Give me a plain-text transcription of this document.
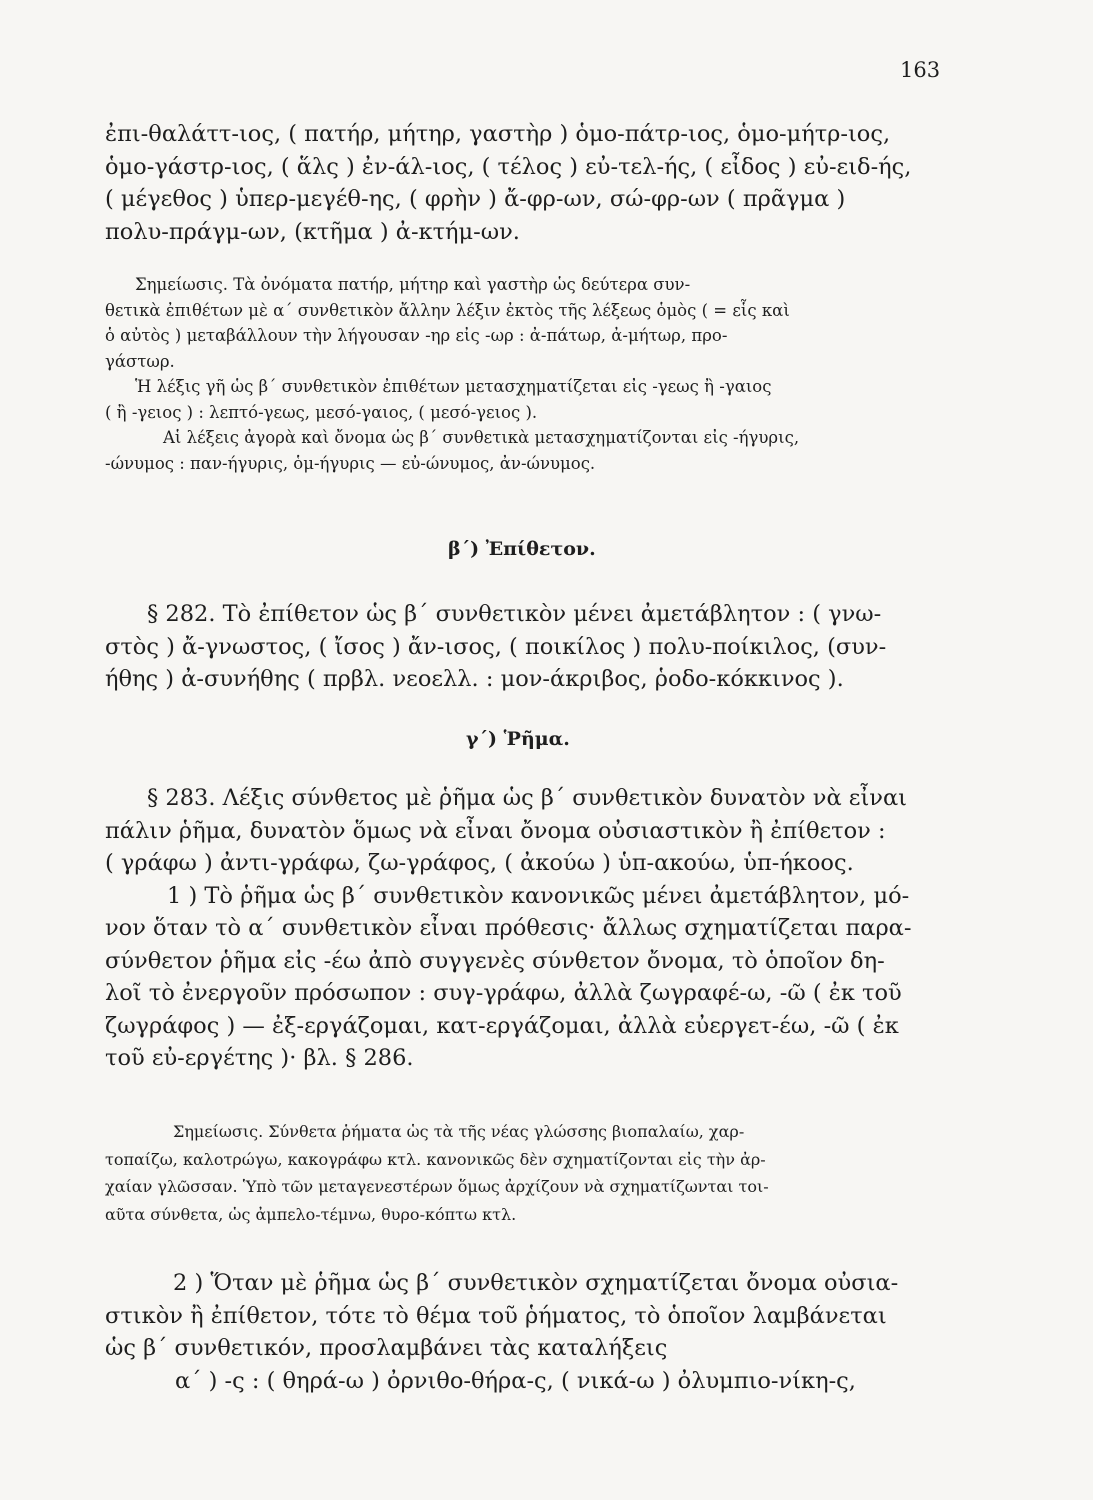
163
ἐπι-θαλάττ-ιος, ( πατήρ, μήτηρ, γαστὴρ ) ὁμο-πάτρ-ιος, ὁμο-μήτρ-ιος,
ὁμο-γάστρ-ιος, ( ἅλς ) ἐν-άλ-ιος, ( τέλος ) εὐ-τελ-ής, ( εἶδος ) εὐ-ειδ-ής,
( μέγεθος ) ὑπερ-μεγέθ-ης, ( φρὴν ) ἄ-φρ-ων, σώ-φρ-ων ( πρᾶγμα )
πολυ-πράγμ-ων, (κτῆμα ) ἀ-κτήμ-ων.
Σημείωσις. Τὰ ὀνόματα πατήρ, μήτηρ καὶ γαστὴρ ὡς δεύτερα συν-
θετικὰ ἐπιθέτων μὲ α΄ συνθετικὸν ἄλλην λέξιν ἐκτὸς τῆς λέξεως ὁμὸς ( = εἷς καὶ
ὁ αὐτὸς ) μεταβάλλουν τὴν λήγουσαν -ηρ εἰς -ωρ : ἀ-πάτωρ, ἀ-μήτωρ, προ-
γάστωρ.
Ἡ λέξις γῆ ὡς β΄ συνθετικὸν ἐπιθέτων μετασχηματίζεται εἰς -γεως ἢ -γαιος
( ἢ -γειος ) : λεπτό-γεως, μεσό-γαιος, ( μεσό-γειος ).
Αἱ λέξεις ἀγορὰ καὶ ὄνομα ὡς β΄ συνθετικὰ μετασχηματίζονται εἰς -ήγυρις,
-ώνυμος : παν-ήγυρις, ὁμ-ήγυρις — εὐ-ώνυμος, ἀν-ώνυμος.
β΄) Ἐπίθετον.
§ 282. Τὸ ἐπίθετον ὡς β΄ συνθετικὸν μένει ἀμετάβλητον : ( γνω-
στὸς ) ἄ-γνωστος, ( ἴσος ) ἄν-ισος, ( ποικίλος ) πολυ-ποίκιλος, (συν-
ήθης ) ἀ-συνήθης ( πρβλ. νεοελλ. : μον-άκριβος, ῥοδο-κόκκινος ).
γ΄) Ῥῆμα.
§ 283. Λέξις σύνθετος μὲ ῥῆμα ὡς β΄ συνθετικὸν δυνατὸν νὰ εἶναι
πάλιν ῥῆμα, δυνατὸν ὅμως νὰ εἶναι ὄνομα οὐσιαστικὸν ἢ ἐπίθετον :
( γράφω ) ἀντι-γράφω, ζω-γράφος, ( ἀκούω ) ὑπ-ακούω, ὑπ-ήκοος.
1 ) Τὸ ῥῆμα ὡς β΄ συνθετικὸν κανονικῶς μένει ἀμετάβλητον, μό-
νον ὅταν τὸ α΄ συνθετικὸν εἶναι πρόθεσις· ἄλλως σχηματίζεται παρα-
σύνθετον ῥῆμα εἰς -έω ἀπὸ συγγενὲς σύνθετον ὄνομα, τὸ ὁποῖον δη-
λοῖ τὸ ἐνεργοῦν πρόσωπον : συγ-γράφω, ἀλλὰ ζωγραφέ-ω, -ῶ ( ἐκ τοῦ
ζωγράφος ) — ἐξ-εργάζομαι, κατ-εργάζομαι, ἀλλὰ εὐεργετ-έω, -ῶ ( ἐκ
τοῦ εὐ-εργέτης )· βλ. § 286.
Σημείωσις. Σύνθετα ῥήματα ὡς τὰ τῆς νέας γλώσσης βιοπαλαίω, χαρ-
τοπαίζω, καλοτρώγω, κακογράφω κτλ. κανονικῶς δὲν σχηματίζονται εἰς τὴν ἀρ-
χαίαν γλῶσσαν. Ὑπὸ τῶν μεταγενεστέρων ὅμως ἀρχίζουν νὰ σχηματίζωνται τοι-
αῦτα σύνθετα, ὡς ἀμπελο-τέμνω, θυρο-κόπτω κτλ.
2 ) Ὅταν μὲ ῥῆμα ὡς β΄ συνθετικὸν σχηματίζεται ὄνομα οὐσια-
στικὸν ἢ ἐπίθετον, τότε τὸ θέμα τοῦ ῥήματος, τὸ ὁποῖον λαμβάνεται
ὡς β΄ συνθετικόν, προσλαμβάνει τὰς καταλήξεις
α΄ ) -ς : ( θηρά-ω ) ὀρνιθο-θήρα-ς, ( νικά-ω ) ὀλυμπιο-νίκη-ς,
